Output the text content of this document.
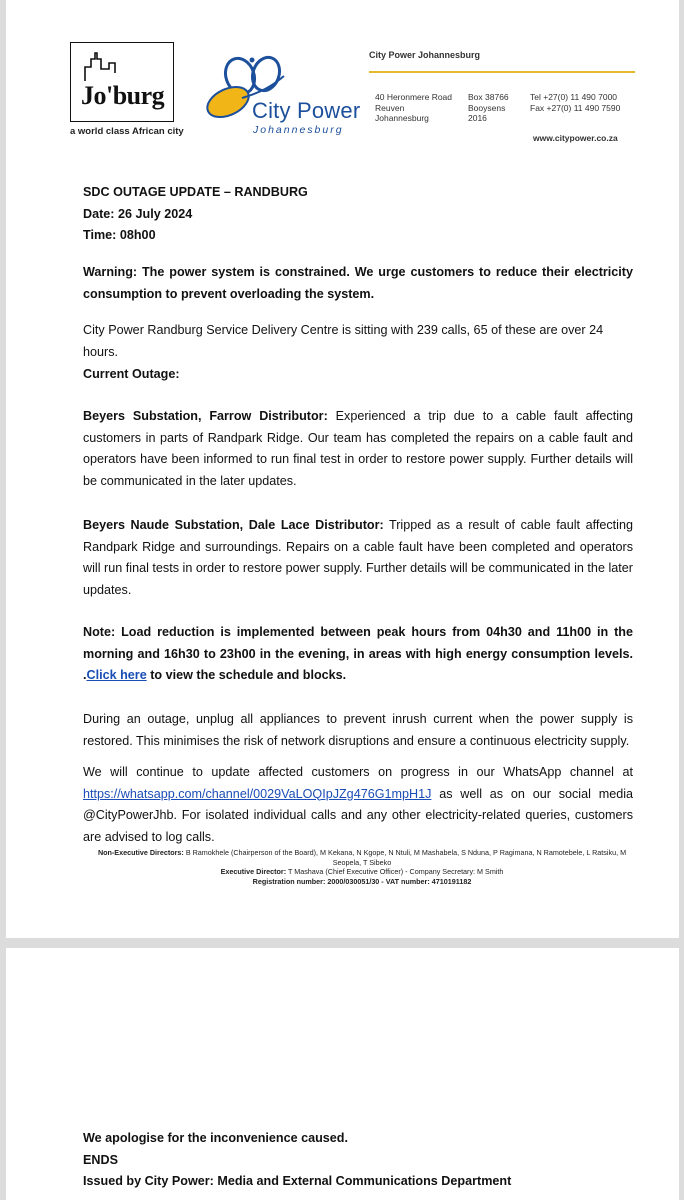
Jo'burg
a world class African city
City Power
Johannesburg
City Power Johannesburg
40 Heronmere Road
Reuven
Johannesburg
Box 38766
Booysens
2016
Tel +27(0) 11 490 7000
Fax +27(0) 11 490 7590
www.citypower.co.za
SDC OUTAGE UPDATE – RANDBURG
Date: 26 July 2024
Time: 08h00

Warning: The power system is constrained. We urge customers to reduce their electricity consumption to prevent overloading the system.

City Power Randburg Service Delivery Centre is sitting with 239 calls, 65 of these are over 24 hours.

Current Outage:

Beyers Substation, Farrow Distributor: Experienced a trip due to a cable fault affecting customers in parts of Randpark Ridge. Our team has completed the repairs on a cable fault and operators have been informed to run final test in order to restore power supply. Further details will be communicated in the later updates.

Beyers Naude Substation, Dale Lace Distributor: Tripped as a result of cable fault affecting Randpark Ridge and surroundings. Repairs on a cable fault have been completed and operators will run final tests in order to restore power supply. Further details will be communicated in the later updates.

Note: Load reduction is implemented between peak hours from 04h30 and 11h00 in the morning and 16h30 to 23h00 in the evening, in areas with high energy consumption levels. .Click here to view the schedule and blocks.

During an outage, unplug all appliances to prevent inrush current when the power supply is restored. This minimises the risk of network disruptions and ensure a continuous electricity supply.

We will continue to update affected customers on progress in our WhatsApp channel at https://whatsapp.com/channel/0029VaLOQIpJZg476G1mpH1J as well as on our social media @CityPowerJhb. For isolated individual calls and any other electricity-related queries, customers are advised to log calls.

Non-Executive Directors: B Ramokhele (Chairperson of the Board), M Kekana, N Kgope, N Ntuli, M Mashabela, S Nduna, P Ragimana, N Ramotebele, L Ratsiku, M Seopela, T Sibeko
Executive Director: T Mashava (Chief Executive Officer) - Company Secretary: M Smith
Registration number: 2000/030051/30 - VAT number: 4710191182
We apologise for the inconvenience caused.
ENDS
Issued by City Power: Media and External Communications Department
